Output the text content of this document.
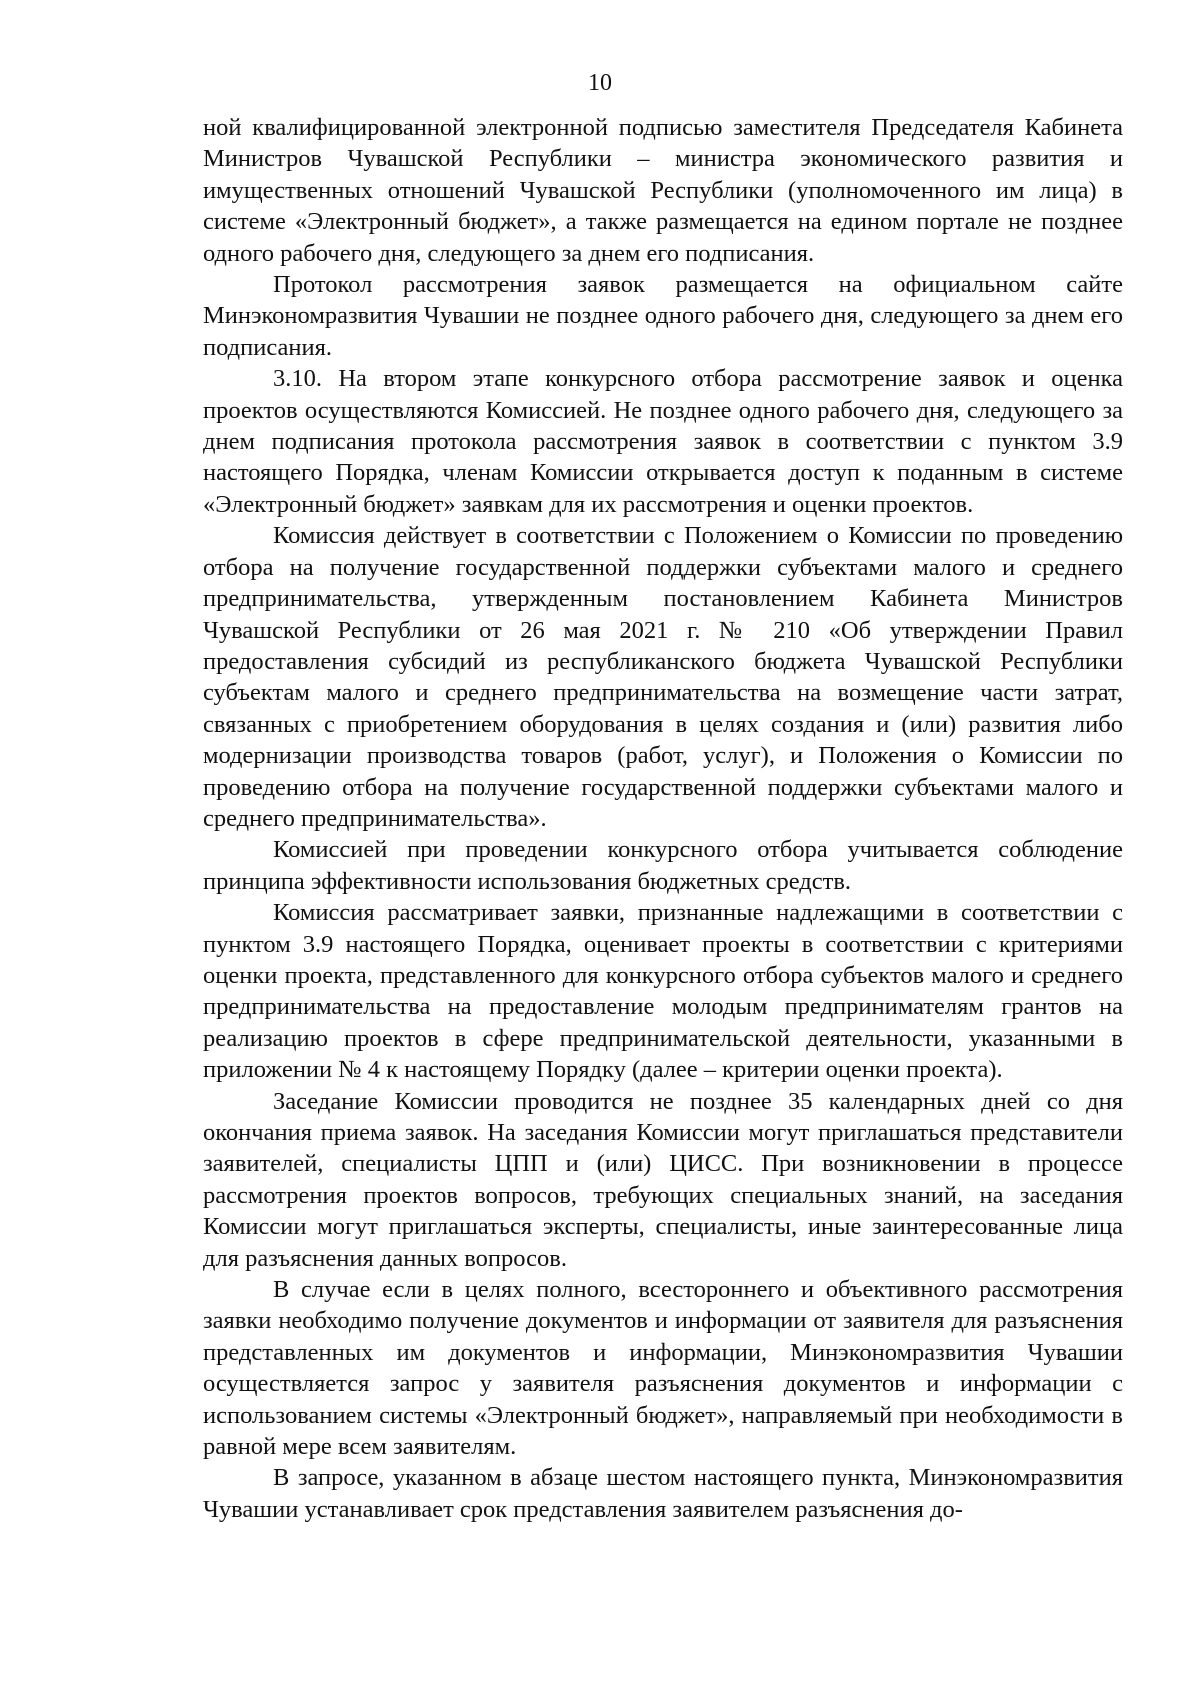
10

ной квалифицированной электронной подписью заместителя Председателя Кабинета Министров Чувашской Республики – министра экономического развития и имущественных отношений Чувашской Республики (уполномоченного им лица) в системе «Электронный бюджет», а также размещается на едином портале не позднее одного рабочего дня, следующего за днем его подписания.

Протокол рассмотрения заявок размещается на официальном сайте Минэкономразвития Чувашии не позднее одного рабочего дня, следующего за днем его подписания.

3.10. На втором этапе конкурсного отбора рассмотрение заявок и оценка проектов осуществляются Комиссией. Не позднее одного рабочего дня, следующего за днем подписания протокола рассмотрения заявок в соответствии с пунктом 3.9 настоящего Порядка, членам Комиссии открывается доступ к поданным в системе «Электронный бюджет» заявкам для их рассмотрения и оценки проектов.

Комиссия действует в соответствии с Положением о Комиссии по проведению отбора на получение государственной поддержки субъектами малого и среднего предпринимательства, утвержденным постановлением Кабинета Министров Чувашской Республики от 26 мая 2021 г. № 210 «Об утверждении Правил предоставления субсидий из республиканского бюджета Чувашской Республики субъектам малого и среднего предпринимательства на возмещение части затрат, связанных с приобретением оборудования в целях создания и (или) развития либо модернизации производства товаров (работ, услуг), и Положения о Комиссии по проведению отбора на получение государственной поддержки субъектами малого и среднего предпринимательства».

Комиссией при проведении конкурсного отбора учитывается соблюдение принципа эффективности использования бюджетных средств.

Комиссия рассматривает заявки, признанные надлежащими в соответствии с пунктом 3.9 настоящего Порядка, оценивает проекты в соответствии с критериями оценки проекта, представленного для конкурсного отбора субъектов малого и среднего предпринимательства на предоставление молодым предпринимателям грантов на реализацию проектов в сфере предпринимательской деятельности, указанными в приложении № 4 к настоящему Порядку (далее – критерии оценки проекта).

Заседание Комиссии проводится не позднее 35 календарных дней со дня окончания приема заявок. На заседания Комиссии могут приглашаться представители заявителей, специалисты ЦПП и (или) ЦИСС. При возникновении в процессе рассмотрения проектов вопросов, требующих специальных знаний, на заседания Комиссии могут приглашаться эксперты, специалисты, иные заинтересованные лица для разъяснения данных вопросов.

В случае если в целях полного, всестороннего и объективного рассмотрения заявки необходимо получение документов и информации от заявителя для разъяснения представленных им документов и информации, Минэкономразвития Чувашии осуществляется запрос у заявителя разъяснения документов и информации с использованием системы «Электронный бюджет», направляемый при необходимости в равной мере всем заявителям.

В запросе, указанном в абзаце шестом настоящего пункта, Минэкономразвития Чувашии устанавливает срок представления заявителем разъяснения до-
